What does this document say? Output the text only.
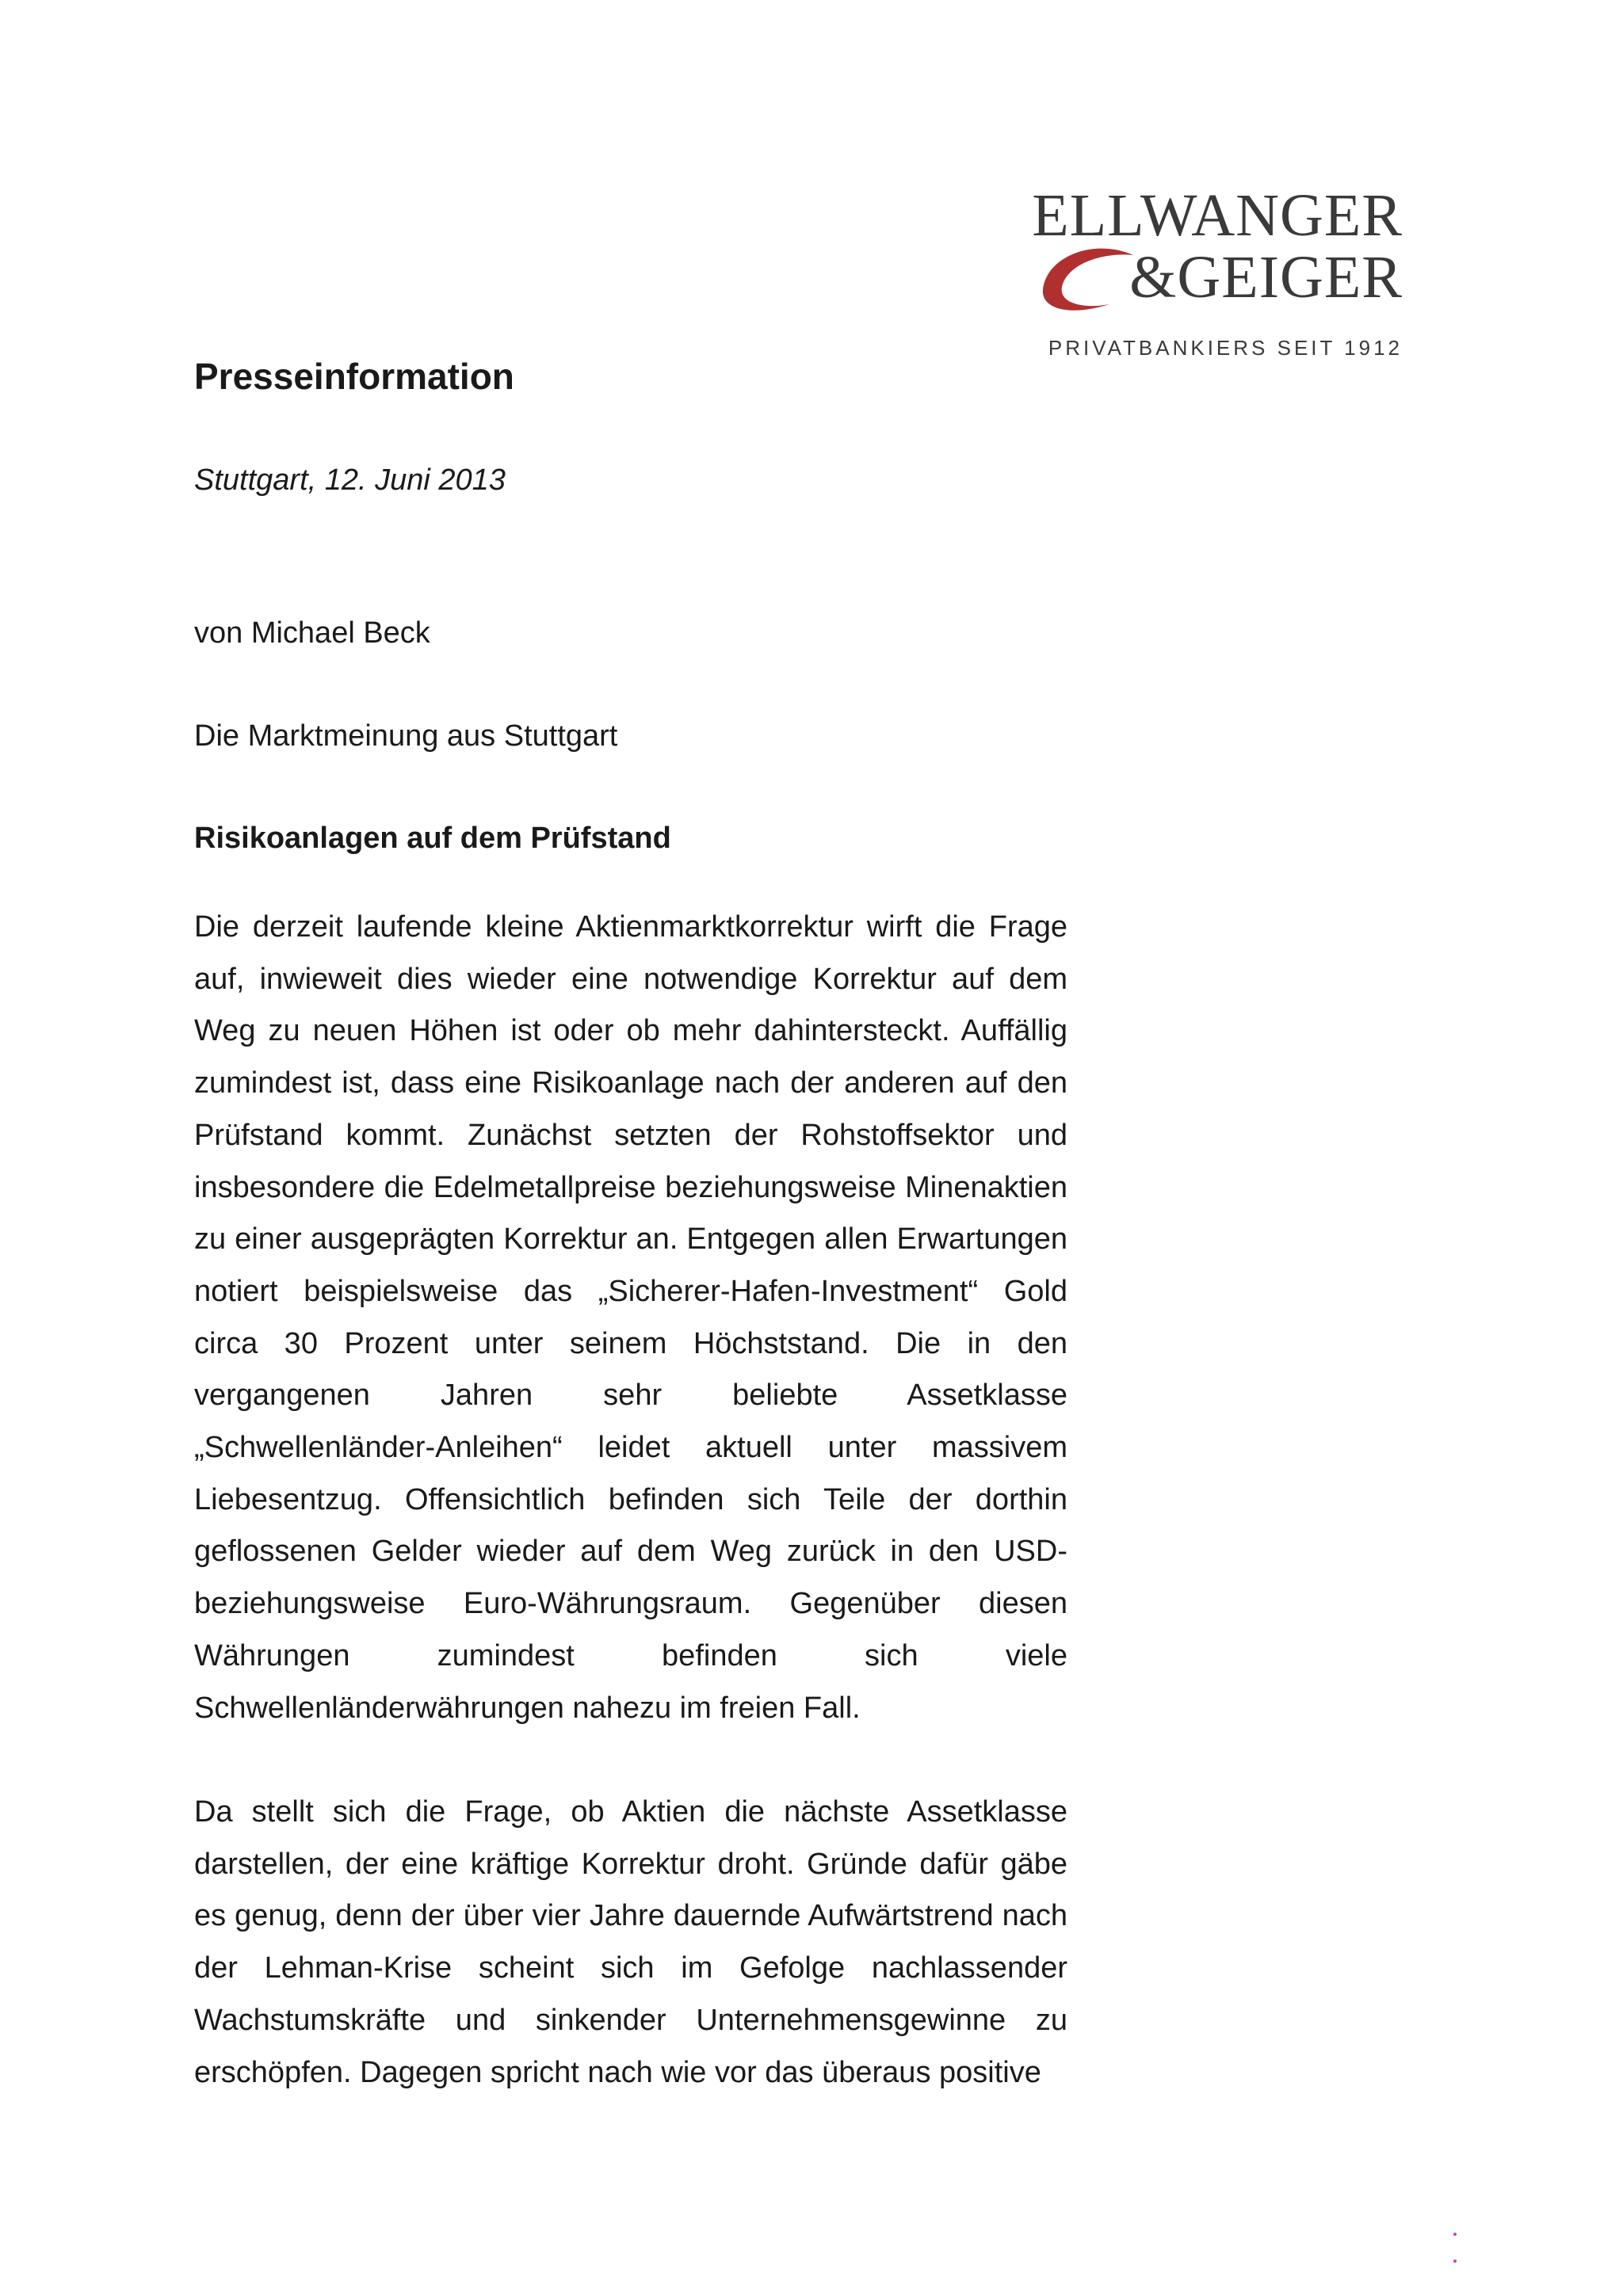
ELLWANGER
&GEIGER
PRIVATBANKIERS SEIT 1912
Presseinformation
Stuttgart, 12. Juni 2013
von Michael Beck
Die Marktmeinung aus Stuttgart
Risikoanlagen auf dem Prüfstand

Die derzeit laufende kleine Aktienmarktkorrektur wirft die Frage auf, inwieweit dies wieder eine notwendige Korrektur auf dem Weg zu neuen Höhen ist oder ob mehr dahintersteckt. Auffällig zumindest ist, dass eine Risikoanlage nach der anderen auf den Prüfstand kommt. Zunächst setzten der Rohstoffsektor und insbesondere die Edelmetallpreise beziehungsweise Minenaktien zu einer ausgeprägten Korrektur an. Entgegen allen Erwartungen notiert beispielsweise das „Sicherer-Hafen-Investment“ Gold circa 30 Prozent unter seinem Höchststand. Die in den vergangenen Jahren sehr beliebte Assetklasse „Schwellenländer-Anleihen“ leidet aktuell unter massivem Liebesentzug. Offensichtlich befinden sich Teile der dorthin geflossenen Gelder wieder auf dem Weg zurück in den USD-beziehungsweise Euro-Währungsraum. Gegenüber diesen Währungen zumindest befinden sich viele Schwellenländerwährungen nahezu im freien Fall.

Da stellt sich die Frage, ob Aktien die nächste Assetklasse darstellen, der eine kräftige Korrektur droht. Gründe dafür gäbe es genug, denn der über vier Jahre dauernde Aufwärtstrend nach der Lehman-Krise scheint sich im Gefolge nachlassender Wachstumskräfte und sinkender Unternehmensgewinne zu erschöpfen. Dagegen spricht nach wie vor das überaus positive
